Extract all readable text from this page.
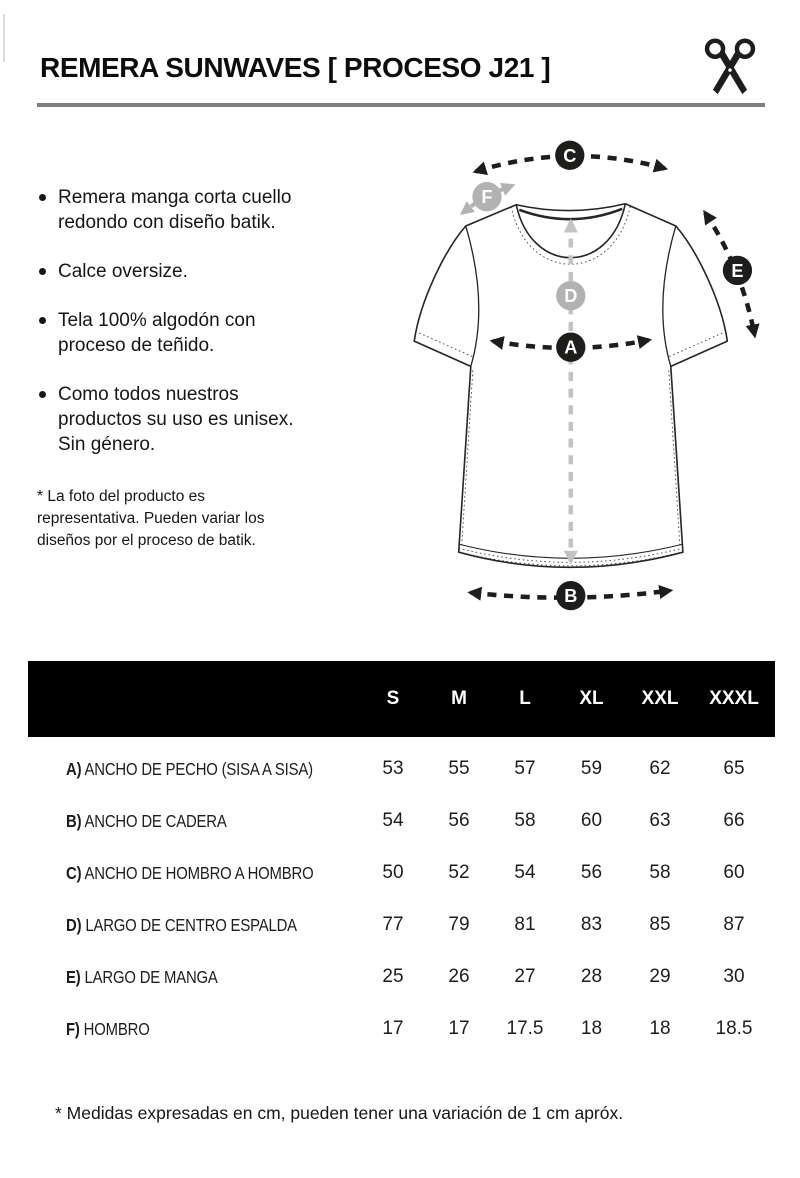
REMERA SUNWAVES [ PROCESO J21 ]
Remera manga corta cuello redondo con diseño batik.
Calce oversize.
Tela 100% algodón con proceso de teñido.
Como todos nuestros productos su uso es unisex. Sin género.

* La foto del producto es representativa. Pueden variar los diseños por el proceso de batik.

C
F
E
D
A
B
S	M	L	XL	XXL	XXXL
A) ANCHO DE PECHO (SISA A SISA)	53	55	57	59	62	65
B) ANCHO DE CADERA	54	56	58	60	63	66
C) ANCHO DE HOMBRO A HOMBRO	50	52	54	56	58	60
D) LARGO DE CENTRO ESPALDA	77	79	81	83	85	87
E) LARGO DE MANGA	25	26	27	28	29	30
F) HOMBRO	17	17	17.5	18	18	18.5

* Medidas expresadas en cm, pueden tener una variación de 1 cm apróx.
